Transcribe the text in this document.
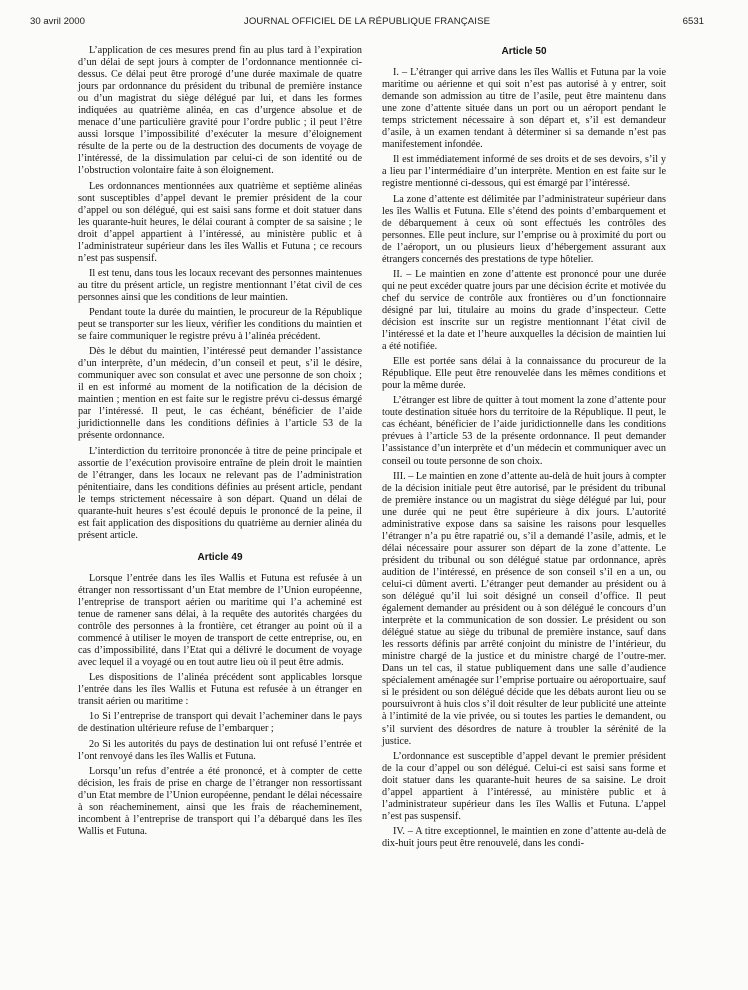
30 avril 2000	JOURNAL OFFICIEL DE LA RÉPUBLIQUE FRANÇAISE	6531

L’application de ces mesures prend fin au plus tard à l’expiration d’un délai de sept jours à compter de l’ordonnance mentionnée ci-dessus. Ce délai peut être prorogé d’une durée maximale de quatre jours par ordonnance du président du tribunal de première instance ou d’un magistrat du siège délégué par lui, et dans les formes indiquées au quatrième alinéa, en cas d’urgence absolue et de menace d’une particulière gravité pour l’ordre public ; il peut l’être aussi lorsque l’impossibilité d’exécuter la mesure d’éloignement résulte de la perte ou de la destruction des documents de voyage de l’intéressé, de la dissimulation par celui-ci de son identité ou de l’obstruction volontaire faite à son éloignement.

Les ordonnances mentionnées aux quatrième et septième alinéas sont susceptibles d’appel devant le premier président de la cour d’appel ou son délégué, qui est saisi sans forme et doit statuer dans les quarante-huit heures, le délai courant à compter de sa saisine ; le droit d’appel appartient à l’intéressé, au ministère public et à l’administrateur supérieur dans les îles Wallis et Futuna ; ce recours n’est pas suspensif.

Il est tenu, dans tous les locaux recevant des personnes maintenues au titre du présent article, un registre mentionnant l’état civil de ces personnes ainsi que les conditions de leur maintien.

Pendant toute la durée du maintien, le procureur de la République peut se transporter sur les lieux, vérifier les conditions du maintien et se faire communiquer le registre prévu à l’alinéa précédent.

Dès le début du maintien, l’intéressé peut demander l’assistance d’un interprète, d’un médecin, d’un conseil et peut, s’il le désire, communiquer avec son consulat et avec une personne de son choix ; il en est informé au moment de la notification de la décision de maintien ; mention en est faite sur le registre prévu ci-dessus émargé par l’intéressé. Il peut, le cas échéant, bénéficier de l’aide juridictionnelle dans les conditions définies à l’article 53 de la présente ordonnance.

L’interdiction du territoire prononcée à titre de peine principale et assortie de l’exécution provisoire entraîne de plein droit le maintien de l’étranger, dans les locaux ne relevant pas de l’administration pénitentiaire, dans les conditions définies au présent article, pendant le temps strictement nécessaire à son départ. Quand un délai de quarante-huit heures s’est écoulé depuis le prononcé de la peine, il est fait application des dispositions du quatrième au dernier alinéa du présent article.

Article 49

Lorsque l’entrée dans les îles Wallis et Futuna est refusée à un étranger non ressortissant d’un Etat membre de l’Union européenne, l’entreprise de transport aérien ou maritime qui l’a acheminé est tenue de ramener sans délai, à la requête des autorités chargées du contrôle des personnes à la frontière, cet étranger au point où il a commencé à utiliser le moyen de transport de cette entreprise, ou, en cas d’impossibilité, dans l’Etat qui a délivré le document de voyage avec lequel il a voyagé ou en tout autre lieu où il peut être admis.

Les dispositions de l’alinéa précédent sont applicables lorsque l’entrée dans les îles Wallis et Futuna est refusée à un étranger en transit aérien ou maritime :

1o Si l’entreprise de transport qui devait l’acheminer dans le pays de destination ultérieure refuse de l’embarquer ;

2o Si les autorités du pays de destination lui ont refusé l’entrée et l’ont renvoyé dans les îles Wallis et Futuna.

Lorsqu’un refus d’entrée a été prononcé, et à compter de cette décision, les frais de prise en charge de l’étranger non ressortissant d’un Etat membre de l’Union européenne, pendant le délai nécessaire à son réacheminement, ainsi que les frais de réacheminement, incombent à l’entreprise de transport qui l’a débarqué dans les îles Wallis et Futuna.

Article 50

I. – L’étranger qui arrive dans les îles Wallis et Futuna par la voie maritime ou aérienne et qui soit n’est pas autorisé à y entrer, soit demande son admission au titre de l’asile, peut être maintenu dans une zone d’attente située dans un port ou un aéroport pendant le temps strictement nécessaire à son départ et, s’il est demandeur d’asile, à un examen tendant à déterminer si sa demande n’est pas manifestement infondée.

Il est immédiatement informé de ses droits et de ses devoirs, s’il y a lieu par l’intermédiaire d’un interprète. Mention en est faite sur le registre mentionné ci-dessous, qui est émargé par l’intéressé.

La zone d’attente est délimitée par l’administrateur supérieur dans les îles Wallis et Futuna. Elle s’étend des points d’embarquement et de débarquement à ceux où sont effectués les contrôles des personnes. Elle peut inclure, sur l’emprise ou à proximité du port ou de l’aéroport, un ou plusieurs lieux d’hébergement assurant aux étrangers concernés des prestations de type hôtelier.

II. – Le maintien en zone d’attente est prononcé pour une durée qui ne peut excéder quatre jours par une décision écrite et motivée du chef du service de contrôle aux frontières ou d’un fonctionnaire désigné par lui, titulaire au moins du grade d’inspecteur. Cette décision est inscrite sur un registre mentionnant l’état civil de l’intéressé et la date et l’heure auxquelles la décision de maintien lui a été notifiée.

Elle est portée sans délai à la connaissance du procureur de la République. Elle peut être renouvelée dans les mêmes conditions et pour la même durée.

L’étranger est libre de quitter à tout moment la zone d’attente pour toute destination située hors du territoire de la République. Il peut, le cas échéant, bénéficier de l’aide juridictionnelle dans les conditions prévues à l’article 53 de la présente ordonnance. Il peut demander l’assistance d’un interprète et d’un médecin et communiquer avec un conseil ou toute personne de son choix.

III. – Le maintien en zone d’attente au-delà de huit jours à compter de la décision initiale peut être autorisé, par le président du tribunal de première instance ou un magistrat du siège délégué par lui, pour une durée qui ne peut être supérieure à dix jours. L’autorité administrative expose dans sa saisine les raisons pour lesquelles l’étranger n’a pu être rapatrié ou, s’il a demandé l’asile, admis, et le délai nécessaire pour assurer son départ de la zone d’attente. Le président du tribunal ou son délégué statue par ordonnance, après audition de l’intéressé, en présence de son conseil s’il en a un, ou celui-ci dûment averti. L’étranger peut demander au président ou à son délégué qu’il lui soit désigné un conseil d’office. Il peut également demander au président ou à son délégué le concours d’un interprète et la communication de son dossier. Le président ou son délégué statue au siège du tribunal de première instance, sauf dans les ressorts définis par arrêté conjoint du ministre de l’intérieur, du ministre chargé de la justice et du ministre chargé de l’outre-mer. Dans un tel cas, il statue publiquement dans une salle d’audience spécialement aménagée sur l’emprise portuaire ou aéroportuaire, sauf si le président ou son délégué décide que les débats auront lieu ou se poursuivront à huis clos s’il doit résulter de leur publicité une atteinte à l’intimité de la vie privée, ou si toutes les parties le demandent, ou s’il survient des désordres de nature à troubler la sérénité de la justice.

L’ordonnance est susceptible d’appel devant le premier président de la cour d’appel ou son délégué. Celui-ci est saisi sans forme et doit statuer dans les quarante-huit heures de sa saisine. Le droit d’appel appartient à l’intéressé, au ministère public et à l’administrateur supérieur dans les îles Wallis et Futuna. L’appel n’est pas suspensif.

IV. – A titre exceptionnel, le maintien en zone d’attente au-delà de dix-huit jours peut être renouvelé, dans les condi-
